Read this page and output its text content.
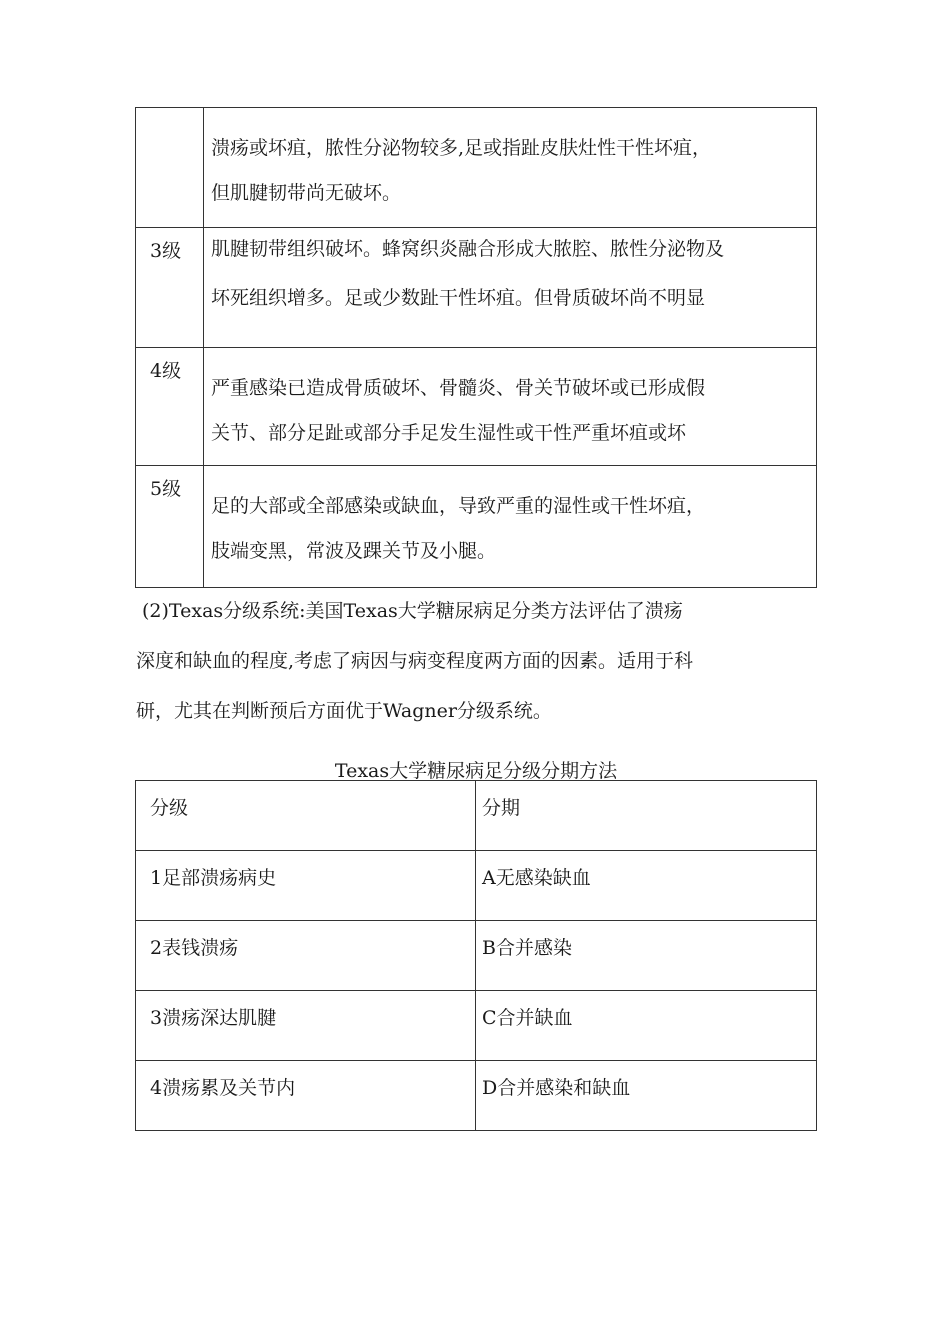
	溃疡或坏疽，脓性分泌物较多,足或指趾皮肤灶性干性坏疽，
但肌腱韧带尚无破坏。

3级	肌腱韧带组织破坏。蜂窝织炎融合形成大脓腔、脓性分泌物及
坏死组织增多。足或少数趾干性坏疽。但骨质破坏尚不明显

4级	严重感染已造成骨质破坏、骨髓炎、骨关节破坏或已形成假
关节、部分足趾或部分手足发生湿性或干性严重坏疽或坏

5级	足的大部或全部感染或缺血，导致严重的湿性或干性坏疽，
肢端变黑，常波及踝关节及小腿。

(2)Texas分级系统:美国Texas大学糖尿病足分类方法评估了溃疡

深度和缺血的程度,考虑了病因与病变程度两方面的因素。适用于科

研，尤其在判断预后方面优于Wagner分级系统。

Texas大学糖尿病足分级分期方法
分级	分期
1足部溃疡病史	A无感染缺血
2表钱溃疡	B合并感染
3溃疡深达肌腱	C合并缺血
4溃疡累及关节内	D合并感染和缺血
